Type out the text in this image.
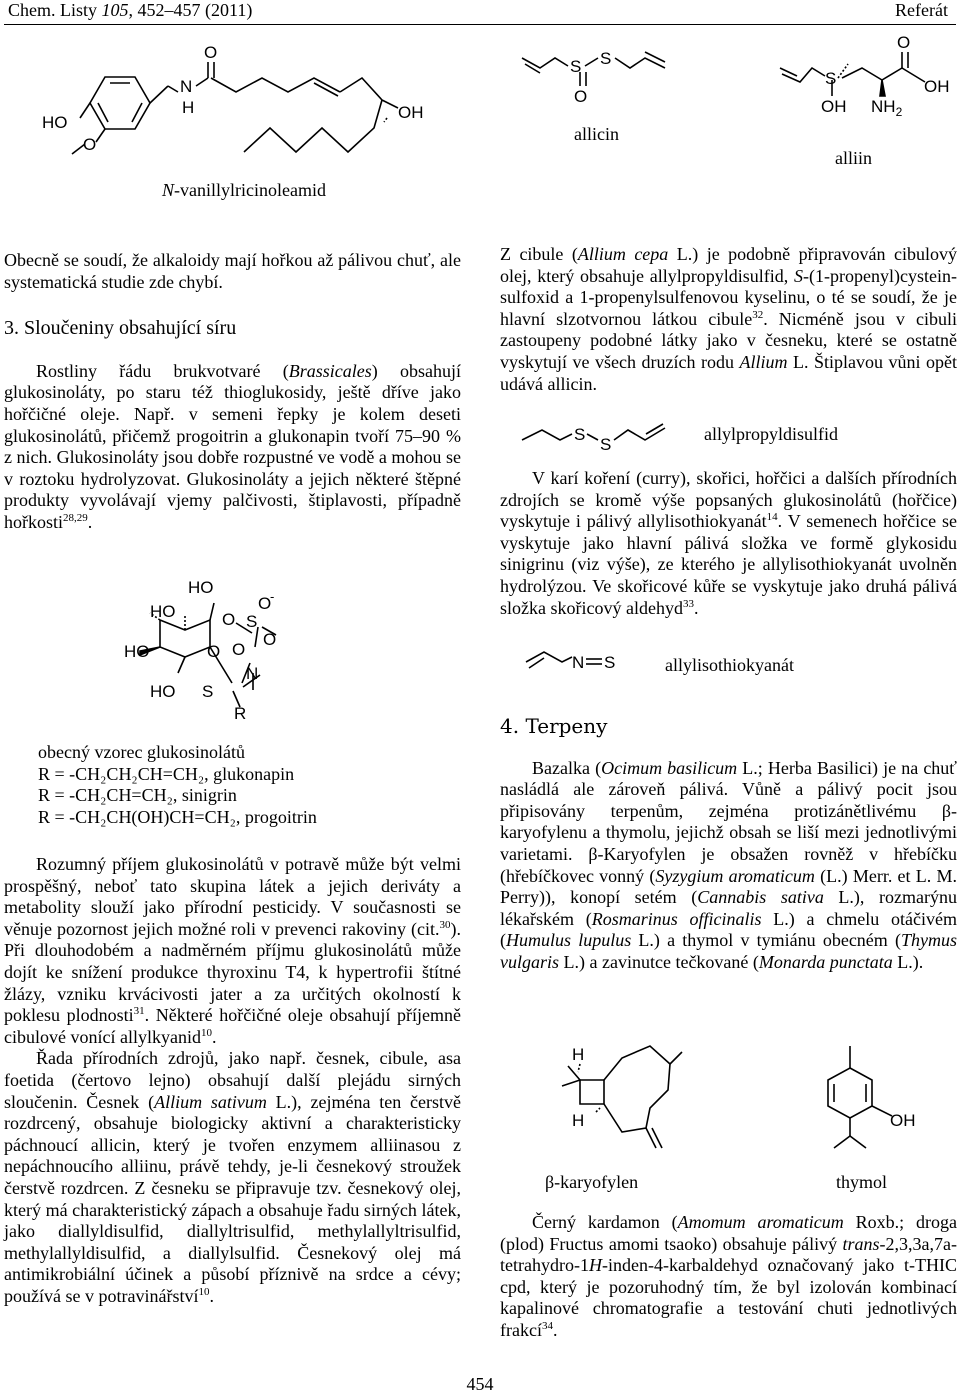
Chem. Listy 105, 452–457 (2011)	Referát
HO
O
N
H
O
OH
S S
O
S
OH
O
OH
$NH_2$
N-vanillylricinoleamid
allicin
alliin

Obecně se soudí, že alkaloidy mají hořkou až pálivou chuť, ale systematická studie zde chybí.

3. Sloučeniny obsahující síru

Rostliny řádu brukvotvaré (Brassicales) obsahují glukosinoláty, po staru též thioglukosidy, ještě dříve jako hořčičné oleje. Např. v semeni řepky je kolem deseti glukosinolátů, přičemž progoitrin a glukonapin tvoří 75–90 % z nich. Glukosinoláty jsou dobře rozpustné ve vodě a mohou se v roztoku hydrolyzovat. Glukosinoláty a jejich některé štěpné produkty vyvolávají vjemy palčivosti, štiplavosti, případně hořkosti$^{28,29}$.

HO
HO
HO
HO
O
S
O S
O
-
O
O
N
R

obecný vzorec glukosinolátů

R = -CH₂CH₂CH=CH₂, glukonapin

R = -CH₂CH=CH₂, sinigrin

R = -CH₂CH(OH)CH=CH₂, progoitrin

Rozumný příjem glukosinolátů v potravě může být velmi prospěšný, neboť tato skupina látek a jejich deriváty a metabolity slouží jako přírodní pesticidy. V současnosti se věnuje pozornost jejich možné roli v prevenci rakoviny (cit.$^{30}$). Při dlouhodobém a nadměrném příjmu glukosinolátů může dojít ke snížení produkce thyroxinu T4, k hypertrofii štítné žlázy, vzniku krvácivosti jater a za určitých okolností k poklesu plodnosti$^{31}$. Některé hořčičné oleje obsahují příjemně cibulové vonící allylkyanid$^{10}$.

Řada přírodních zdrojů, jako např. česnek, cibule, asa foetida (čertovo lejno) obsahují další plejádu sirných sloučenin. Česnek (Allium sativum L.), zejména ten čerstvě rozdrcený, obsahuje biologicky aktivní a charakteristicky páchnoucí allicin, který je tvořen enzymem alliinasou z nepáchnoucího alliinu, právě tehdy, je-li česnekový stroužek čerstvě rozdrcen. Z česneku se připravuje tzv. česnekový olej, který má charakteristický zápach a obsahuje řadu sirných látek, jako diallyldisulfid, diallyltrisulfid, methylallyltrisulfid, methylallyldisulfid, a diallylsulfid. Česnekový olej má antimikrobiální účinek a působí příznivě na srdce a cévy; používá se v potravinářství$^{10}$.

Z cibule (Allium cepa L.) je podobně připravován cibulový olej, který obsahuje allylpropyldisulfid, S-(1-propenyl)cystein-sulfoxid a 1-propenylsulfenovou kyselinu, o té se soudí, že je hlavní slzotvornou látkou cibule$^{32}$. Nicméně jsou v cibuli zastoupeny podobné látky jako v česneku, které se ostatně vyskytují ve všech druzích rodu Allium L. Štiplavou vůni opět udává allicin.

S
S
allylpropyldisulfid

V karí koření (curry), skořici, hořčici a dalších přírodních zdrojích se kromě výše popsaných glukosinolátů (hořčice) vyskytuje i pálivý allylisothiokyanát$^{14}$. V semenech hořčice se vyskytuje jako hlavní pálivá složka ve formě glykosidu sinigrinu (viz výše), ze kterého je allylisothiokyanát uvolněn hydrolýzou. Ve skořicové kůře se vyskytuje jako druhá pálivá složka skořicový aldehyd$^{33}$.

N S	allylisothiokyanát

4. Terpeny

Bazalka (Ocimum basilicum L.; Herba Basilici) je na chuť nasládlá ale zároveň pálivá. Vůně a pálivý pocit jsou připisovány terpenům, zejména protizánětlivému β-karyofylenu a thymolu, jejichž obsah se liší mezi jednotlivými varietami. β-Karyofylen je obsažen rovněž v hřebíčku (hřebíčkovec vonný (Syzygium aromaticum (L.) Merr. et L. M. Perry)), konopí setém (Cannabis sativa L.), rozmarýnu lékařském (Rosmarinus officinalis L.) a chmelu otáčivém (Humulus lupulus L.) a thymol v tymiánu obecném (Thymus vulgaris L.) a zavinutce tečkované (Monarda punctata L.).

H
H	OH
β-karyofylen	thymol

Černý kardamon (Amomum aromaticum Roxb.; droga (plod) Fructus amomi tsaoko) obsahuje pálivý trans-2,3,3a,7a-tetrahydro-1H-inden-4-karbaldehyd označovaný jako t-THIC cpd, který je pozoruhodný tím, že byl izolován kombinací kapalinové chromatografie a testování chuti jednotlivých frakcí$^{34}$.

454
